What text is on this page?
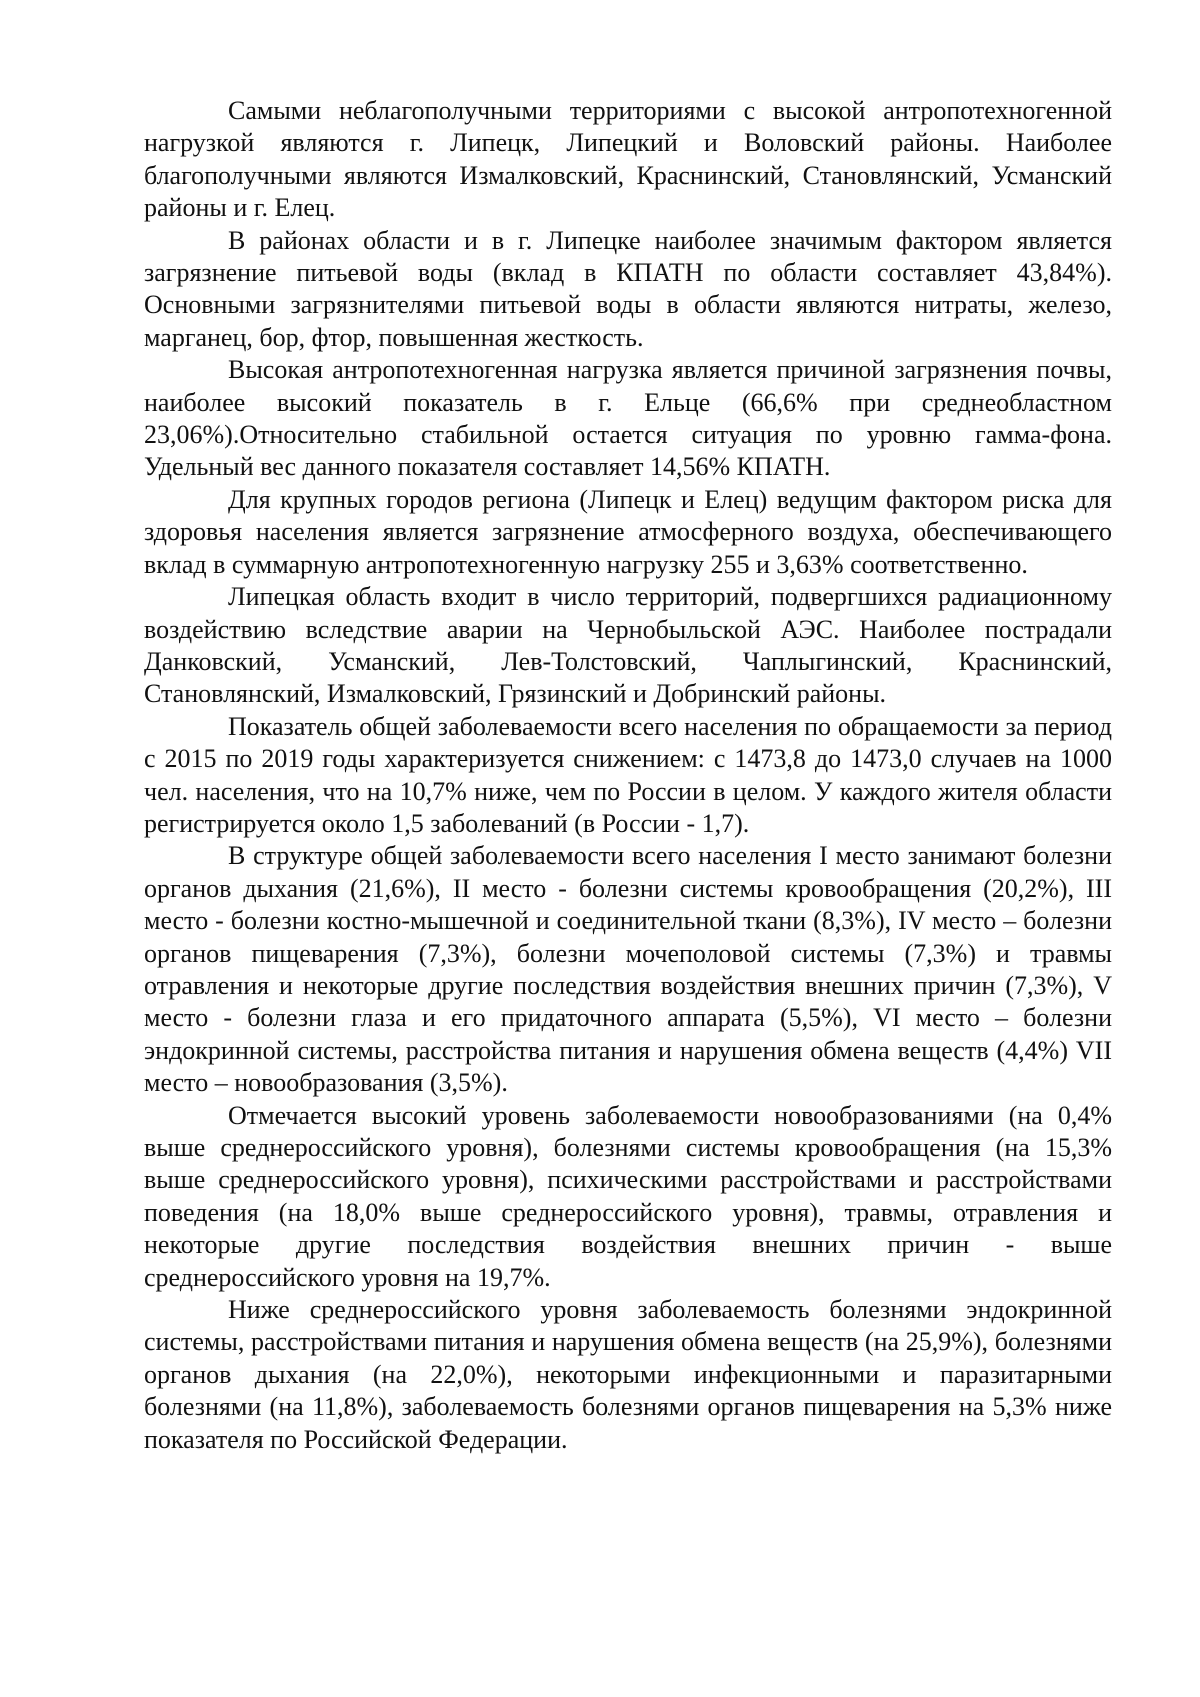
Самыми неблагополучными территориями с высокой антропотехногенной нагрузкой являются г. Липецк, Липецкий и Воловский районы. Наиболее благополучными являются Измалковский, Краснинский, Становлянский, Усманский районы и г. Елец.

В районах области и в г. Липецке наиболее значимым фактором является загрязнение питьевой воды (вклад в КПАТН по области составляет 43,84%). Основными загрязнителями питьевой воды в области являются нитраты, железо, марганец, бор, фтор, повышенная жесткость.

Высокая антропотехногенная нагрузка является причиной загрязнения почвы, наиболее высокий показатель в г. Ельце (66,6% при среднеобластном 23,06%).Относительно стабильной остается ситуация по уровню гамма-фона. Удельный вес данного показателя составляет 14,56% КПАТН.

Для крупных городов региона (Липецк и Елец) ведущим фактором риска для здоровья населения является загрязнение атмосферного воздуха, обеспечивающего вклад в суммарную антропотехногенную нагрузку 255 и 3,63% соответственно.

Липецкая область входит в число территорий, подвергшихся радиационному воздействию вследствие аварии на Чернобыльской АЭС. Наиболее пострадали Данковский, Усманский, Лев-Толстовский, Чаплыгинский, Краснинский, Становлянский, Измалковский, Грязинский и Добринский районы.

Показатель общей заболеваемости всего населения по обращаемости за период с 2015 по 2019 годы характеризуется снижением: с 1473,8 до 1473,0 случаев на 1000 чел. населения, что на 10,7% ниже, чем по России в целом. У каждого жителя области регистрируется около 1,5 заболеваний (в России - 1,7).

В структуре общей заболеваемости всего населения I место занимают болезни органов дыхания (21,6%), II место - болезни системы кровообращения (20,2%), III место - болезни костно-мышечной и соединительной ткани (8,3%), IV место – болезни органов пищеварения (7,3%), болезни мочеполовой системы (7,3%) и травмы отравления и некоторые другие последствия воздействия внешних причин (7,3%), V место - болезни глаза и его придаточного аппарата (5,5%), VI место – болезни эндокринной системы, расстройства питания и нарушения обмена веществ (4,4%) VII место – новообразования (3,5%).

Отмечается высокий уровень заболеваемости новообразованиями (на 0,4% выше среднероссийского уровня), болезнями системы кровообращения (на 15,3% выше среднероссийского уровня), психическими расстройствами и расстройствами поведения (на 18,0% выше среднероссийского уровня), травмы, отравления и некоторые другие последствия воздействия внешних причин - выше среднероссийского уровня на 19,7%.

Ниже среднероссийского уровня заболеваемость болезнями эндокринной системы, расстройствами питания и нарушения обмена веществ (на 25,9%), болезнями органов дыхания (на 22,0%), некоторыми инфекционными и паразитарными болезнями (на 11,8%), заболеваемость болезнями органов пищеварения на 5,3% ниже показателя по Российской Федерации.
